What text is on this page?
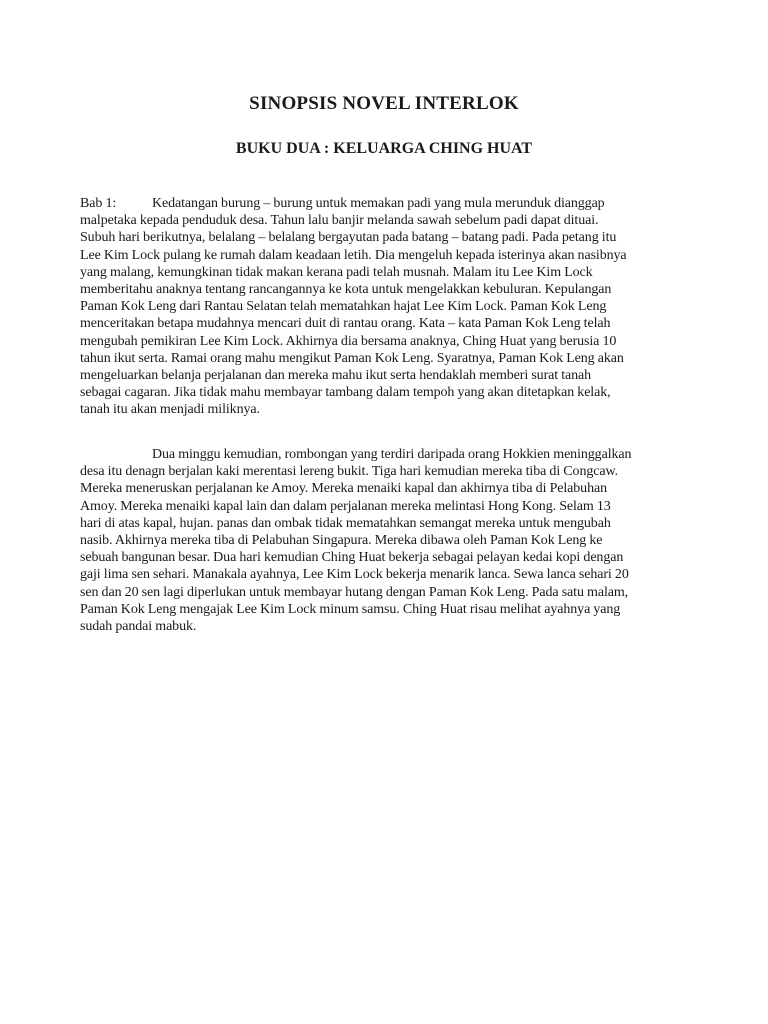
SINOPSIS NOVEL INTERLOK
BUKU DUA : KELUARGA CHING HUAT
Bab 1:	Kedatangan burung – burung untuk memakan padi yang mula merunduk dianggap
malpetaka kepada penduduk desa. Tahun lalu banjir melanda sawah sebelum padi dapat dituai.
Subuh hari berikutnya, belalang – belalang bergayutan pada batang – batang padi. Pada petang itu
Lee Kim Lock pulang ke rumah dalam keadaan letih. Dia mengeluh kepada isterinya akan nasibnya
yang malang, kemungkinan tidak makan kerana padi telah musnah. Malam itu Lee Kim Lock
memberitahu anaknya tentang rancangannya ke kota untuk mengelakkan kebuluran. Kepulangan
Paman Kok Leng dari Rantau Selatan telah mematahkan hajat Lee Kim Lock. Paman Kok Leng
menceritakan betapa mudahnya mencari duit di rantau orang. Kata – kata Paman Kok Leng telah
mengubah pemikiran Lee Kim Lock. Akhirnya dia bersama anaknya, Ching Huat yang berusia 10
tahun ikut serta. Ramai orang mahu mengikut Paman Kok Leng. Syaratnya, Paman Kok Leng akan
mengeluarkan belanja perjalanan dan mereka mahu ikut serta hendaklah memberi surat tanah
sebagai cagaran. Jika tidak mahu membayar tambang dalam tempoh yang akan ditetapkan kelak,
tanah itu akan menjadi miliknya.
Dua minggu kemudian, rombongan yang terdiri daripada orang Hokkien meninggalkan
desa itu denagn berjalan kaki merentasi lereng bukit. Tiga hari kemudian mereka tiba di Congcaw.
Mereka meneruskan perjalanan ke Amoy. Mereka menaiki kapal dan akhirnya tiba di Pelabuhan
Amoy. Mereka menaiki kapal lain dan dalam perjalanan mereka melintasi Hong Kong. Selam 13
hari di atas kapal, hujan. panas dan ombak tidak mematahkan semangat mereka untuk mengubah
nasib. Akhirnya mereka tiba di Pelabuhan Singapura. Mereka dibawa oleh Paman Kok Leng ke
sebuah bangunan besar. Dua hari kemudian Ching Huat bekerja sebagai pelayan kedai kopi dengan
gaji lima sen sehari. Manakala ayahnya, Lee Kim Lock bekerja menarik lanca. Sewa lanca sehari 20
sen dan 20 sen lagi diperlukan untuk membayar hutang dengan Paman Kok Leng. Pada satu malam,
Paman Kok Leng mengajak Lee Kim Lock minum samsu. Ching Huat risau melihat ayahnya yang
sudah pandai mabuk.
